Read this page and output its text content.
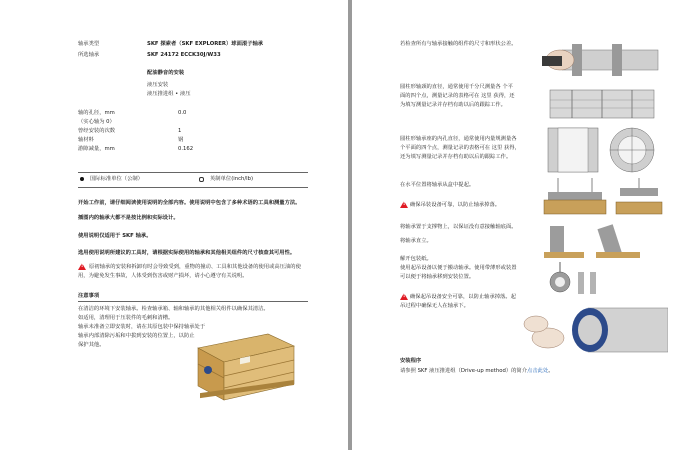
轴承类型	SKF 探索者（SKF EXPLORER）球面滚子轴承
所选轴承	SKF 24172 ECCK30J/W33
配油静音的安装
液压安装
液压推进组 • 液压
轴的孔径，mm	0.0
（实心轴为 0）
曾经安装的次数	1
轴材料	钢
游隙减量，mm	0.162
国际标准单位（公制）	英制单位(inch/lb)
开始工作前，请仔细阅读使用说明的全部内容。使用说明中包含了多种术语的工具和测量方法。
插图内的轴承大都不是按比例和实际设计。
使用说明仅适用于 SKF 轴承。
选用使用说明所建议的工具时，请根据实际使用的轴承和其他相关组件的尺寸核查其可用性。
!
原初轴承的安装和拆卸有时会导致受到，重物的撞动、工具和其他设备的使用或高压油的使
用，为避免发生事故，人体受到伤害或财产损坏，请小心遵守有关说明。
注意事项
在清洁的环境下安装轴承。检查轴承箱、轴和轴承的其他相关组件以确保其清洁。
如适用，清理用于压装件的毛刺和清槽。
轴承未准备立即安装时，请在其原包装中保持轴承处于
轴承内部清除污垢和中拔到安装的位置上，以防止
保护其他。
若检查所有与轴承接触的组件的尺寸和形状公差。
圆柱形轴颈的直径，通常使用千分尺测量各 个平
面的四个点，测量记录的表格可在 这里 获得，还
为填写测量记录并存档有助以后的跟踪工作。
圆柱形轴承座的内孔直径，通常使用内量规测量各
个平面的四个点，测量记录的表格可在 这里 获得，
还为填写测量记录并存档有助以后的跟踪工作。
在水平位置将轴承从盒中提起。
!
确保吊装设备可靠，以防止轴承掉落。
将轴承置于支撑物上，以保证没有意接触轴底面。
将轴承直立。
解开包装纸。
使用起吊设备以便于搬动轴承。使用带薄形或装置
可以便于将轴承移到安装位置。
!
确保起吊设备安全可靠，以防止轴承掉落。起
吊过程中确保无人在轴承下。
安装程序
请参照 SKF 液压推进组（Drive-up method）的简介点击此处。
